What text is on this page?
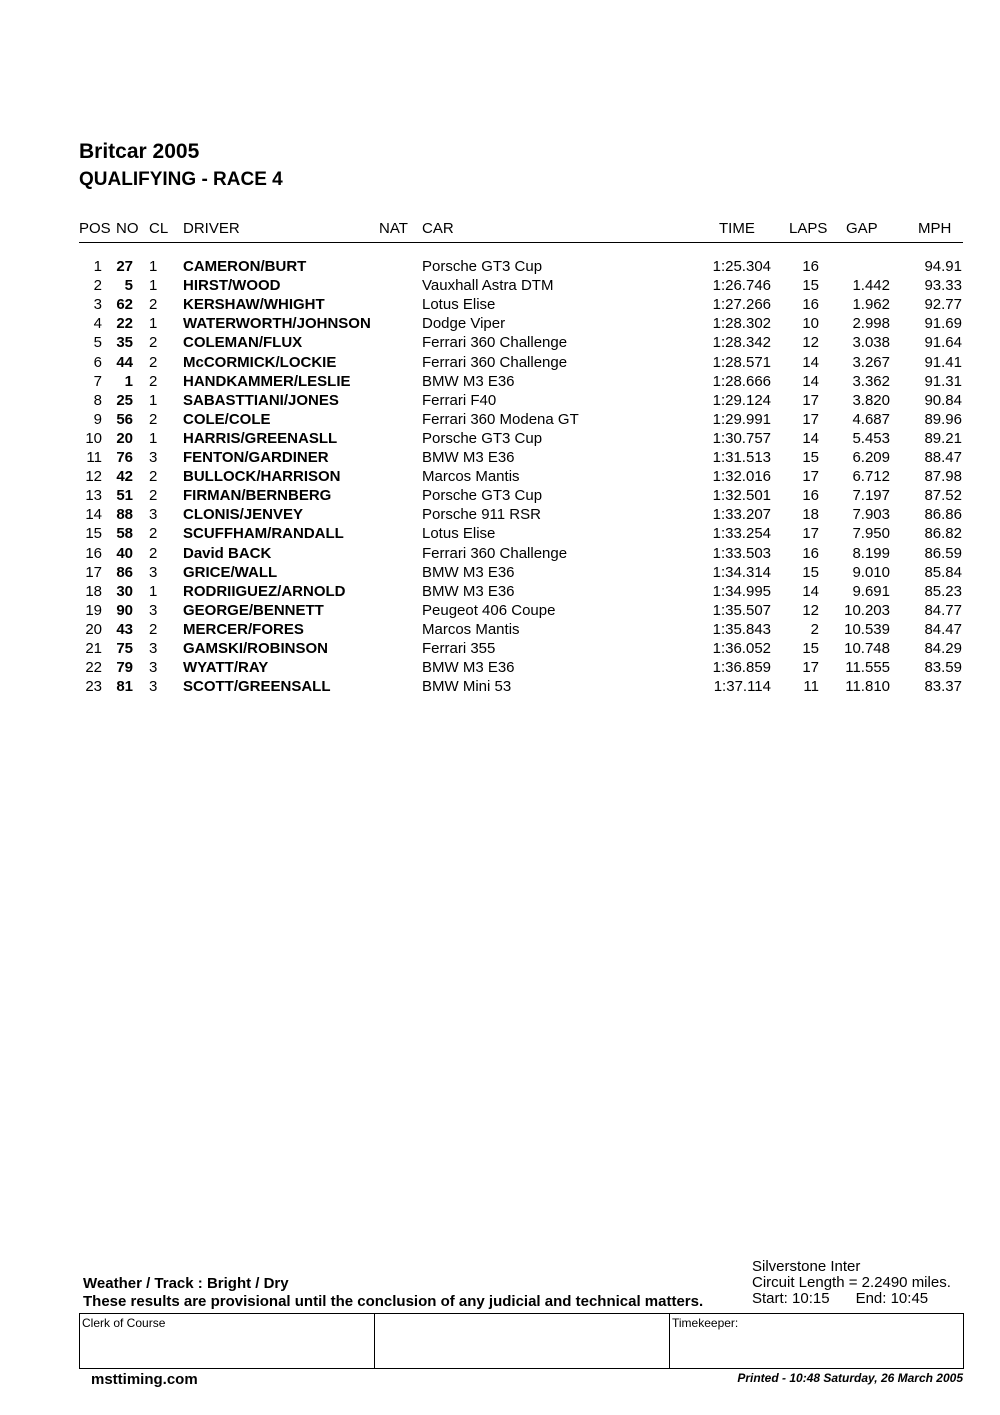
Britcar 2005
QUALIFYING - RACE 4
POS NO CL DRIVER	NAT CAR	TIME LAPS GAP	MPH
1 27 1 CAMERON/BURT	Porsche GT3 Cup	1:25.304 16	94.91
2 5 1 HIRST/WOOD	Vauxhall Astra DTM	1:26.746 15 1.442 93.33
3 62 2 KERSHAW/WHIGHT	Lotus Elise	1:27.266 16 1.962 92.77
4 22 1 WATERWORTH/JOHNSON	Dodge Viper	1:28.302 10 2.998 91.69
5 35 2 COLEMAN/FLUX	Ferrari 360 Challenge	1:28.342 12 3.038 91.64
6 44 2 McCORMICK/LOCKIE	Ferrari 360 Challenge	1:28.571 14 3.267 91.41
7 1 2 HANDKAMMER/LESLIE	BMW M3 E36	1:28.666 14 3.362 91.31
8 25 1 SABASTTIANI/JONES	Ferrari F40	1:29.124 17 3.820 90.84
9 56 2 COLE/COLE	Ferrari 360 Modena GT	1:29.991 17 4.687 89.96
10 20 1 HARRIS/GREENASLL	Porsche GT3 Cup	1:30.757 14 5.453 89.21
11 76 3 FENTON/GARDINER	BMW M3 E36	1:31.513 15 6.209 88.47
12 42 2 BULLOCK/HARRISON	Marcos Mantis	1:32.016 17 6.712 87.98
13 51 2 FIRMAN/BERNBERG	Porsche GT3 Cup	1:32.501 16 7.197 87.52
14 88 3 CLONIS/JENVEY	Porsche 911 RSR	1:33.207 18 7.903 86.86
15 58 2 SCUFFHAM/RANDALL	Lotus Elise	1:33.254 17 7.950 86.82
16 40 2 David BACK	Ferrari 360 Challenge	1:33.503 16 8.199 86.59
17 86 3 GRICE/WALL	BMW M3 E36	1:34.314 15 9.010 85.84
18 30 1 RODRIIGUEZ/ARNOLD	BMW M3 E36	1:34.995 14 9.691 85.23
19 90 3 GEORGE/BENNETT	Peugeot 406 Coupe	1:35.507 12 10.203 84.77
20 43 2 MERCER/FORES	Marcos Mantis	1:35.843	2 10.539 84.47
21 75 3 GAMSKI/ROBINSON	Ferrari 355	1:36.052 15 10.748 84.29
22 79 3 WYATT/RAY	BMW M3 E36	1:36.859 17 11.555 83.59
23 81 3 SCOTT/GREENSALL	BMW Mini 53	1:37.114 11 11.810 83.37
Weather / Track : Bright / Dry
These results are provisional until the conclusion of any judicial and technical matters.
Silverstone Inter
Circuit Length = 2.2490 miles.
Start: 10:15 End: 10:45
Clerk of Course	Timekeeper:
msttiming.com	Printed - 10:48 Saturday, 26 March 2005
